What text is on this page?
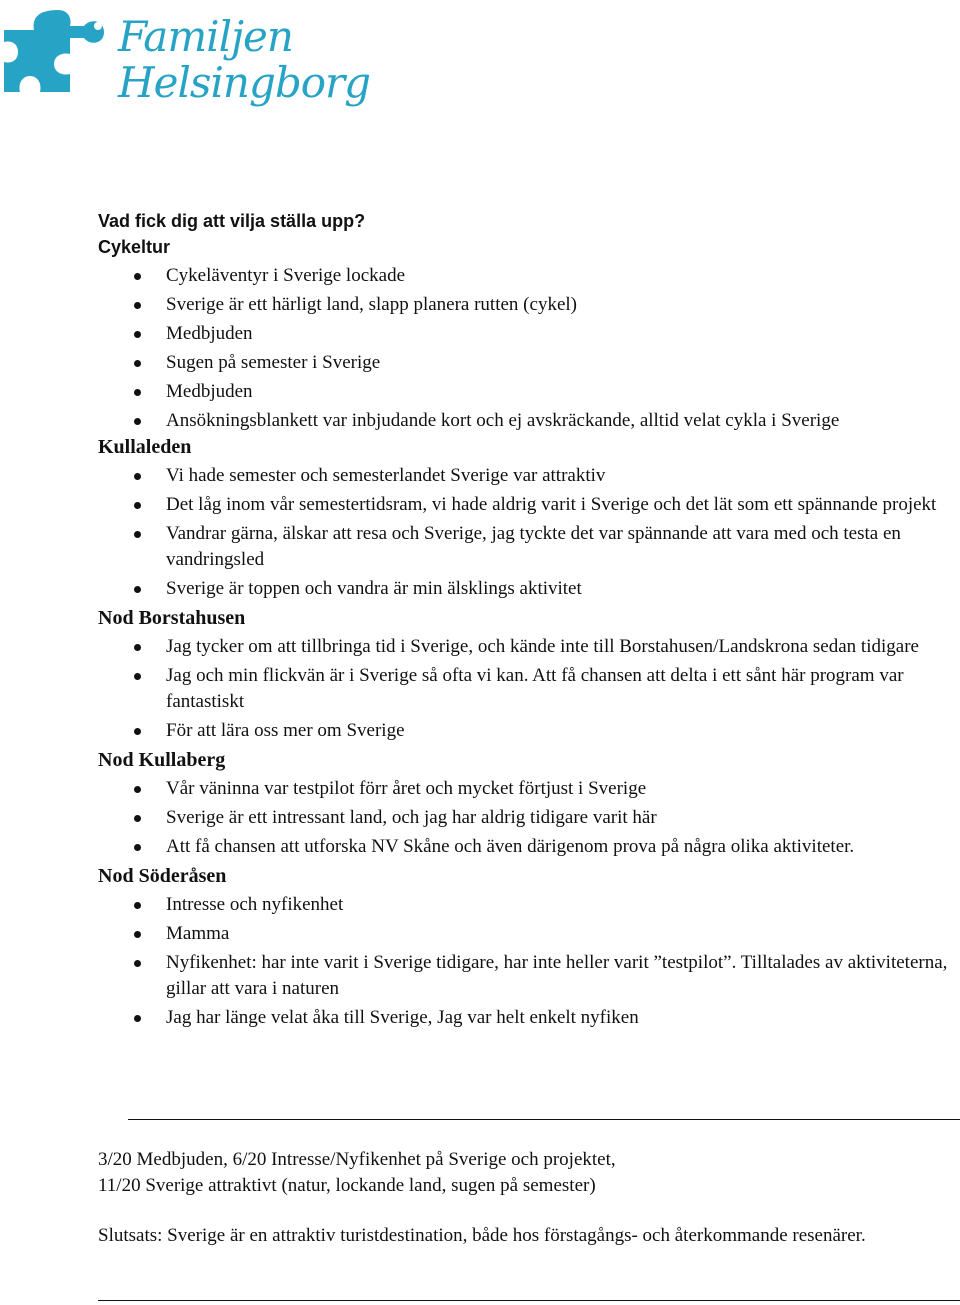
Familjen
Helsingborg

Vad fick dig att vilja ställa upp?

Cykeltur

Cykeläventyr i Sverige lockade
Sverige är ett härligt land, slapp planera rutten (cykel)
Medbjuden
Sugen på semester i Sverige
Medbjuden
Ansökningsblankett var inbjudande kort och ej avskräckande, alltid velat cykla i Sverige

Kullaleden

Vi hade semester och semesterlandet Sverige var attraktiv
Det låg inom vår semestertidsram, vi hade aldrig varit i Sverige och det lät som ett spännande projekt
Vandrar gärna, älskar att resa och Sverige, jag tyckte det var spännande att vara med och testa en vandringsled
Sverige är toppen och vandra är min älsklings aktivitet

Nod Borstahusen

Jag tycker om att tillbringa tid i Sverige, och kände inte till Borstahusen/Landskrona sedan tidigare
Jag och min flickvän är i Sverige så ofta vi kan. Att få chansen att delta i ett sånt här program var fantastiskt
För att lära oss mer om Sverige

Nod Kullaberg

Vår väninna var testpilot förr året och mycket förtjust i Sverige
Sverige är ett intressant land, och jag har aldrig tidigare varit här
Att få chansen att utforska NV Skåne och även därigenom prova på några olika aktiviteter.

Nod Söderåsen

Intresse och nyfikenhet
Mamma
Nyfikenhet: har inte varit i Sverige tidigare, har inte heller varit ”testpilot”. Tilltalades av aktiviteterna, gillar att vara i naturen
Jag har länge velat åka till Sverige, Jag var helt enkelt nyfiken

3/20 Medbjuden, 6/20 Intresse/Nyfikenhet på Sverige och projektet,

11/20 Sverige attraktivt (natur, lockande land, sugen på semester)

Slutsats: Sverige är en attraktiv turistdestination, både hos förstagångs- och återkommande resenärer.
